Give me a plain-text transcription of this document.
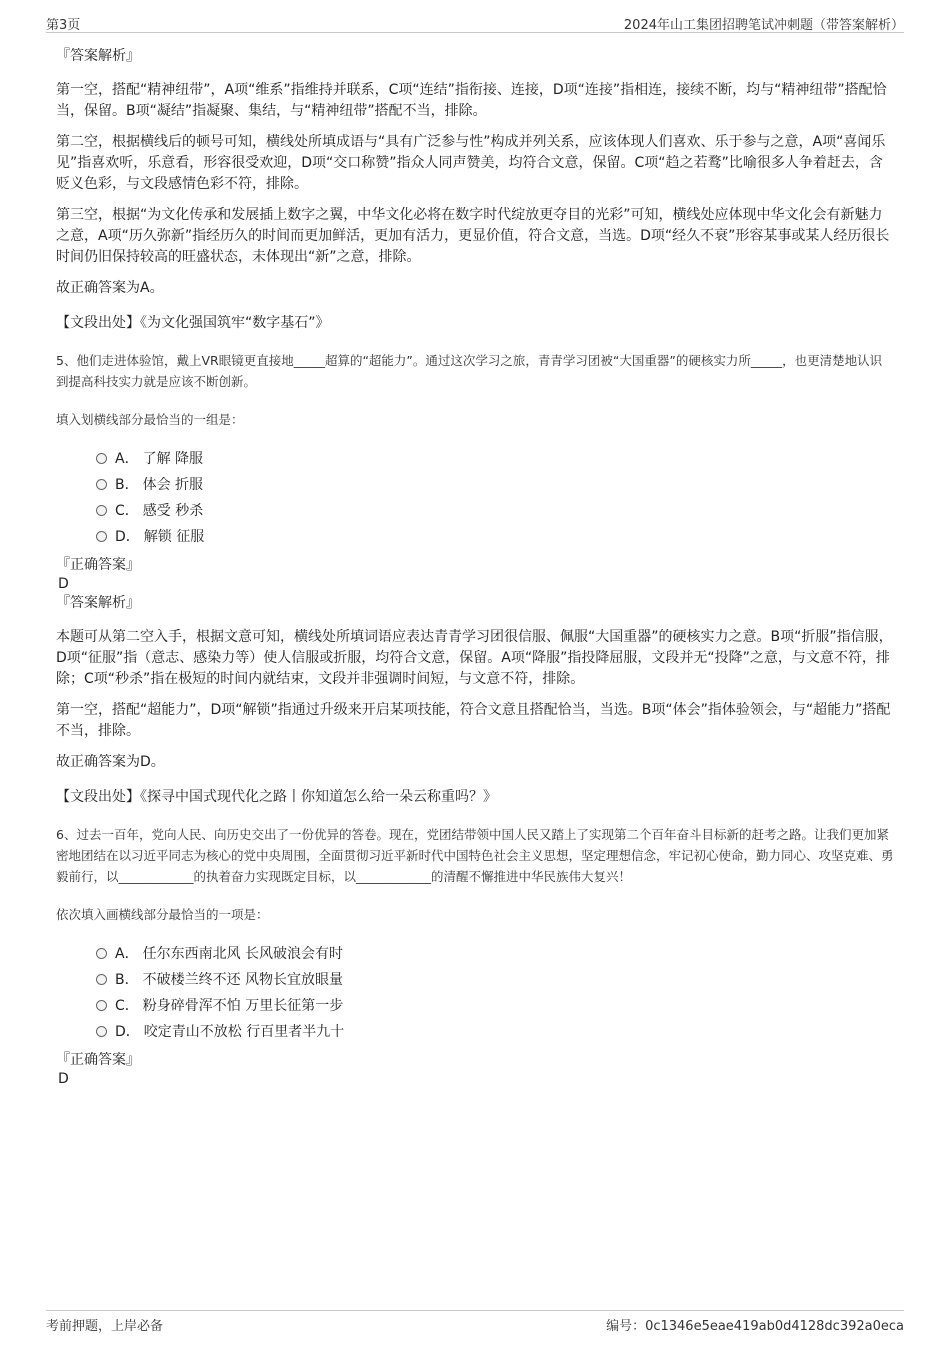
第3页	2024年山工集团招聘笔试冲刺题（带答案解析）

『答案解析』

第一空，搭配“精神纽带”，A项“维系”指维持并联系，C项“连结”指衔接、连接，D项“连接”指相连，接续不断，均与“精神纽带”搭配恰当，保留。B项“凝结”指凝聚、集结，与“精神纽带”搭配不当，排除。

第二空，根据横线后的顿号可知，横线处所填成语与“具有广泛参与性”构成并列关系，应该体现人们喜欢、乐于参与之意，A项“喜闻乐见”指喜欢听，乐意看，形容很受欢迎，D项“交口称赞”指众人同声赞美，均符合文意，保留。C项“趋之若鹜”比喻很多人争着赶去，含贬义色彩，与文段感情色彩不符，排除。

第三空，根据“为文化传承和发展插上数字之翼，中华文化必将在数字时代绽放更夺目的光彩”可知，横线处应体现中华文化会有新魅力之意，A项“历久弥新”指经历久的时间而更加鲜活，更加有活力，更显价值，符合文意，当选。D项“经久不衰”形容某事或某人经历很长时间仍旧保持较高的旺盛状态，未体现出“新”之意，排除。

故正确答案为A。

【文段出处】《为文化强国筑牢“数字基石”》

5、他们走进体验馆，戴上VR眼镜更直接地_____超算的“超能力”。通过这次学习之旅，青青学习团被“大国重器”的硬核实力所_____，也更清楚地认识到提高科技实力就是应该不断创新。

填入划横线部分最恰当的一组是：

A． 了解 降服
B． 体会 折服
C． 感受 秒杀
D． 解锁 征服

『正确答案』

D

『答案解析』

本题可从第二空入手，根据文意可知，横线处所填词语应表达青青学习团很信服、佩服“大国重器”的硬核实力之意。B项“折服”指信服，D项“征服”指（意志、感染力等）使人信服或折服，均符合文意，保留。A项“降服”指投降屈服，文段并无“投降”之意，与文意不符，排除；C项“秒杀”指在极短的时间内就结束，文段并非强调时间短，与文意不符，排除。

第一空，搭配“超能力”，D项“解锁”指通过升级来开启某项技能，符合文意且搭配恰当，当选。B项“体会”指体验领会，与“超能力”搭配不当，排除。

故正确答案为D。

【文段出处】《探寻中国式现代化之路丨你知道怎么给一朵云称重吗？》

6、过去一百年，党向人民、向历史交出了一份优异的答卷。现在，党团结带领中国人民又踏上了实现第二个百年奋斗目标新的赶考之路。让我们更加紧密地团结在以习近平同志为核心的党中央周围，全面贯彻习近平新时代中国特色社会主义思想，坚定理想信念，牢记初心使命，勤力同心、攻坚克难、勇毅前行，以____________的执着奋力实现既定目标，以____________的清醒不懈推进中华民族伟大复兴！

依次填入画横线部分最恰当的一项是：

A． 任尔东西南北风 长风破浪会有时
B． 不破楼兰终不还 风物长宜放眼量
C． 粉身碎骨浑不怕 万里长征第一步
D． 咬定青山不放松 行百里者半九十

『正确答案』

D

考前押题，上岸必备	编号：0c1346e5eae419ab0d4128dc392a0eca
